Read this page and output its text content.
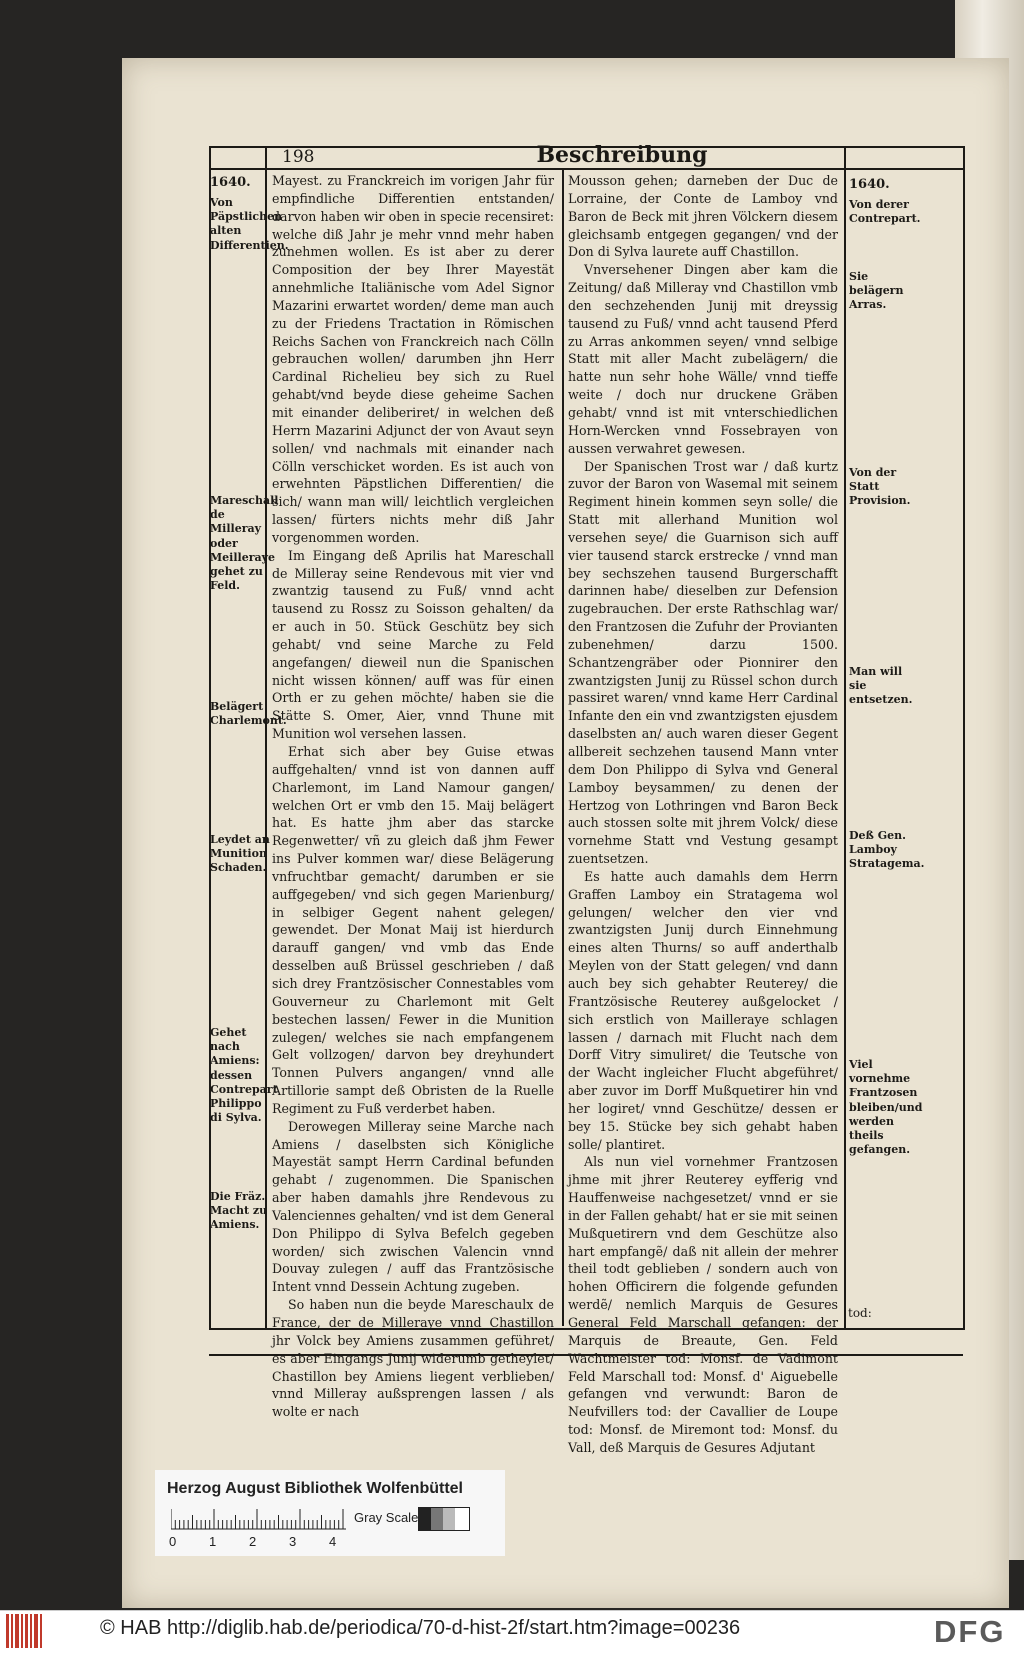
198	Beschreibung
1640.
Von Päpstlichen alten Differentien.
Mareschall de Milleray oder Meilleraye gehet zu Feld.
Belägert Charlemont.
Leydet an Munition Schaden.
Gehet nach Amiens: dessen Contrepart Philippo di Sylva.
Die Fräz. Macht zu Amiens.
1640.
Von derer Contrepart.
Sie belägern Arras.
Von der Statt Provision.
Man will sie entsetzen.
Deß Gen. Lamboy Stratagema.
Viel vornehme Frantzosen bleiben/und werden theils gefangen.

Mayest. zu Franckreich im vorigen Jahr für empfindliche Differentien entstanden/ darvon haben wir oben in specie recensiret: welche diß Jahr je mehr vnnd mehr haben zunehmen wollen. Es ist aber zu derer Composition der bey Ihrer Mayestät annehmliche Italiänische vom Adel Signor Mazarini erwartet worden/ deme man auch zu der Friedens Tractation in Römischen Reichs Sachen von Franckreich nach Cölln gebrauchen wollen/ darumben jhn Herr Cardinal Richelieu bey sich zu Ruel gehabt/vnd beyde diese geheime Sachen mit einander deliberiret/ in welchen deß Herrn Mazarini Adjunct der von Avaut seyn sollen/ vnd nachmals mit einander nach Cölln verschicket worden. Es ist auch von erwehnten Päpstlichen Differentien/ die sich/ wann man will/ leichtlich vergleichen lassen/ fürters nichts mehr diß Jahr vorgenommen worden.

Im Eingang deß Aprilis hat Mareschall de Milleray seine Rendevous mit vier vnd zwantzig tausend zu Fuß/ vnnd acht tausend zu Rossz zu Soisson gehalten/ da er auch in 50. Stück Geschütz bey sich gehabt/ vnd seine Marche zu Feld angefangen/ dieweil nun die Spanischen nicht wissen können/ auff was für einen Orth er zu gehen möchte/ haben sie die Stätte S. Omer, Aier, vnnd Thune mit Munition wol versehen lassen.

Erhat sich aber bey Guise etwas auffgehalten/ vnnd ist von dannen auff Charlemont, im Land Namour gangen/ welchen Ort er vmb den 15. Maij belägert hat. Es hatte jhm aber das starcke Regenwetter/ vñ zu gleich daß jhm Fewer ins Pulver kommen war/ diese Belägerung vnfruchtbar gemacht/ darumben er sie auffgegeben/ vnd sich gegen Marienburg/ in selbiger Gegent nahent gelegen/ gewendet. Der Monat Maij ist hierdurch darauff gangen/ vnd vmb das Ende desselben auß Brüssel geschrieben / daß sich drey Frantzösischer Connestables vom Gouverneur zu Charlemont mit Gelt bestechen lassen/ Fewer in die Munition zulegen/ welches sie nach empfangenem Gelt vollzogen/ darvon bey dreyhundert Tonnen Pulvers angangen/ vnnd alle Artillorie sampt deß Obristen de la Ruelle Regiment zu Fuß verderbet haben.

Derowegen Milleray seine Marche nach Amiens / daselbsten sich Königliche Mayestät sampt Herrn Cardinal befunden gehabt / zugenommen. Die Spanischen aber haben damahls jhre Rendevous zu Valenciennes gehalten/ vnd ist dem General Don Philippo di Sylva Befelch gegeben worden/ sich zwischen Valencin vnnd Douvay zulegen / auff das Frantzösische Intent vnnd Dessein Achtung zugeben.

So haben nun die beyde Mareschaulx de France, der de Milleraye vnnd Chastillon jhr Volck bey Amiens zusammen geführet/ es aber Eingangs Junij widerumb getheylet/ Chastillon bey Amiens liegent verblieben/ vnnd Milleray außsprengen lassen / als wolte er nach

Mousson gehen; darneben der Duc de Lorraine, der Conte de Lamboy vnd Baron de Beck mit jhren Völckern diesem gleichsamb entgegen gegangen/ vnd der Don di Sylva laurete auff Chastillon.

Vnversehener Dingen aber kam die Zeitung/ daß Milleray vnd Chastillon vmb den sechzehenden Junij mit dreyssig tausend zu Fuß/ vnnd acht tausend Pferd zu Arras ankommen seyen/ vnnd selbige Statt mit aller Macht zubelägern/ die hatte nun sehr hohe Wälle/ vnnd tieffe weite / doch nur druckene Gräben gehabt/ vnnd ist mit vnterschiedlichen Horn-Wercken vnnd Fossebrayen von aussen verwahret gewesen.

Der Spanischen Trost war / daß kurtz zuvor der Baron von Wasemal mit seinem Regiment hinein kommen seyn solle/ die Statt mit allerhand Munition wol versehen seye/ die Guarnison sich auff vier tausend starck erstrecke / vnnd man bey sechszehen tausend Burgerschafft darinnen habe/ dieselben zur Defension zugebrauchen. Der erste Rathschlag war/ den Frantzosen die Zufuhr der Proviantеn zubenehmen/ darzu 1500. Schantzengräber oder Pionnirer den zwantzigsten Junij zu Rüssel schon durch passiret waren/ vnnd kame Herr Cardinal Infante den ein vnd zwantzigsten ejusdem daselbsten an/ auch waren dieser Gegent allbereit sechzehen tausend Mann vnter dem Don Philippo di Sylva vnd General Lamboy beysammen/ zu denen der Hertzog von Lothringen vnd Baron Beck auch stossen solte mit jhrem Volck/ diese vornehme Statt vnd Vestung gesampt zuentsetzen.

Es hatte auch damahls dem Herrn Graffen Lamboy ein Stratagema wol gelungen/ welcher den vier vnd zwantzigsten Junij durch Einnehmung eines alten Thurns/ so auff anderthalb Meylen von der Statt gelegen/ vnd dann auch bey sich gehabter Reuterey/ die Frantzösische Reuterey außgelocket / sich erstlich von Mailleraye schlagen lassen / darnach mit Flucht nach dem Dorff Vitry simuliret/ die Teutsche von der Wacht ingleicher Flucht abgeführet/ aber zuvor im Dorff Mußquetirer hin vnd her logiret/ vnnd Geschütze/ dessen er bey 15. Stücke bey sich gehabt haben solle/ plantiret.

Als nun viel vornehmer Frantzosen jhme mit jhrer Reuterey eyfferig vnd Hauffenweise nachgesetzet/ vnnd er sie in der Fallen gehabt/ hat er sie mit seinen Mußquetirern vnd dem Geschütze also hart empfangẽ/ daß nit allein der mehrer theil todt geblieben / sondern auch von hohen Officirern die folgende gefunden werdẽ/ nemlich Marquis de Gesures General Feld Marschall gefangen: der Marquis de Breaute, Gen. Feld Wachtmeister tod: Monsf. de Vadimont Feld Marschall tod: Monsf. d' Aiguebelle gefangen vnd verwundt: Baron de Neufvillers tod: der Cavallier de Loupe tod: Monsf. de Miremont tod: Monsf. du Vall, deß Marquis de Gesures Adjutant

tod:
Herzog August Bibliothek Wolfenbüttel
0	1	2	3	4
Gray Scale
© HAB http://diglib.hab.de/periodica/70-d-hist-2f/start.htm?image=00236	DFG
